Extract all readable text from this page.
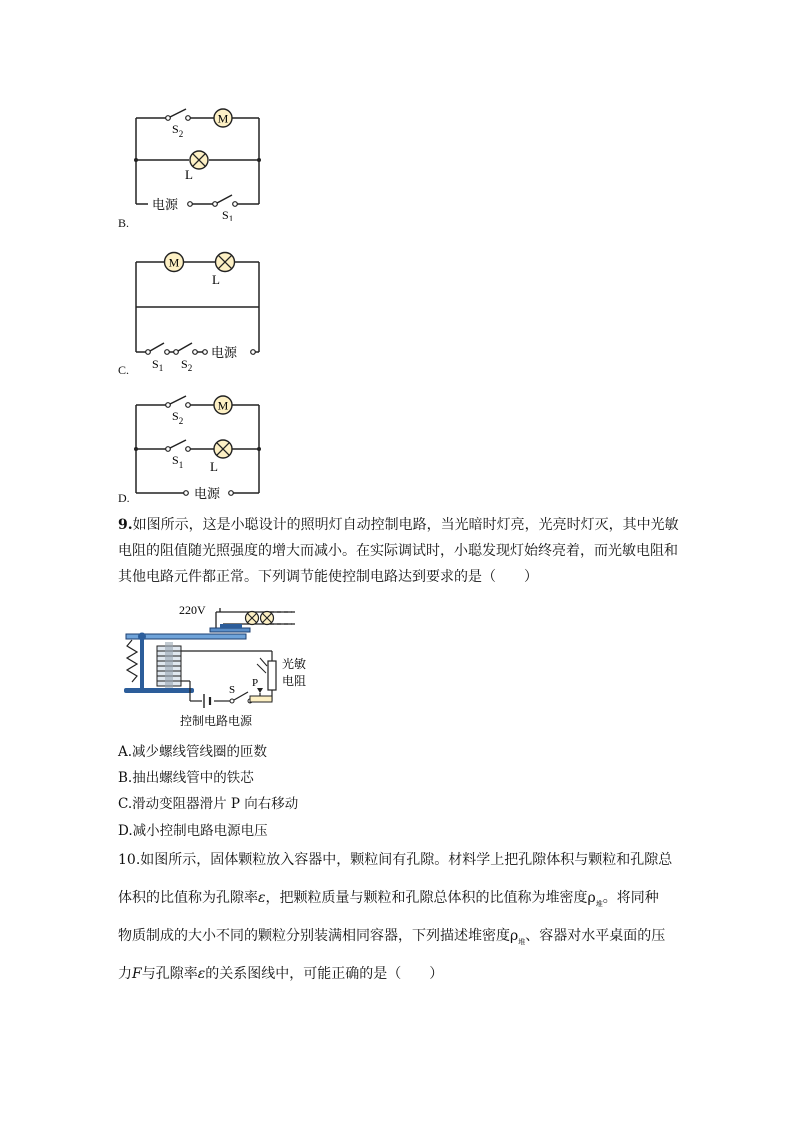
M
$S_2$
L
电源
$S_1$
B.
M
L
$S_1$ $S_2$
电源
C.
M
$S_2$
$S_1$ L
电源
D.
9.如图所示，这是小聪设计的照明灯自动控制电路，当光暗时灯亮，光亮时灯灭，其中光敏
电阻的阻值随光照强度的增大而减小。在实际调试时，小聪发现灯始终亮着，而光敏电阻和
其他电路元件都正常。下列调节能使控制电路达到要求的是（　　）
220V
光敏
电阻
S
P
控制电路电源
A.减少螺线管线圈的匝数
B.抽出螺线管中的铁芯
C.滑动变阻器滑片 P 向右移动
D.减小控制电路电源电压
10.如图所示，固体颗粒放入容器中，颗粒间有孔隙。材料学上把孔隙体积与颗粒和孔隙总
体积的比值称为孔隙率ε，把颗粒质量与颗粒和孔隙总体积的比值称为堆密度$\rho_堆$。将同种
物质制成的大小不同的颗粒分别装满相同容器，下列描述堆密度$\rho_堆$、容器对水平桌面的压
力F与孔隙率ε的关系图线中，可能正确的是（　　）
